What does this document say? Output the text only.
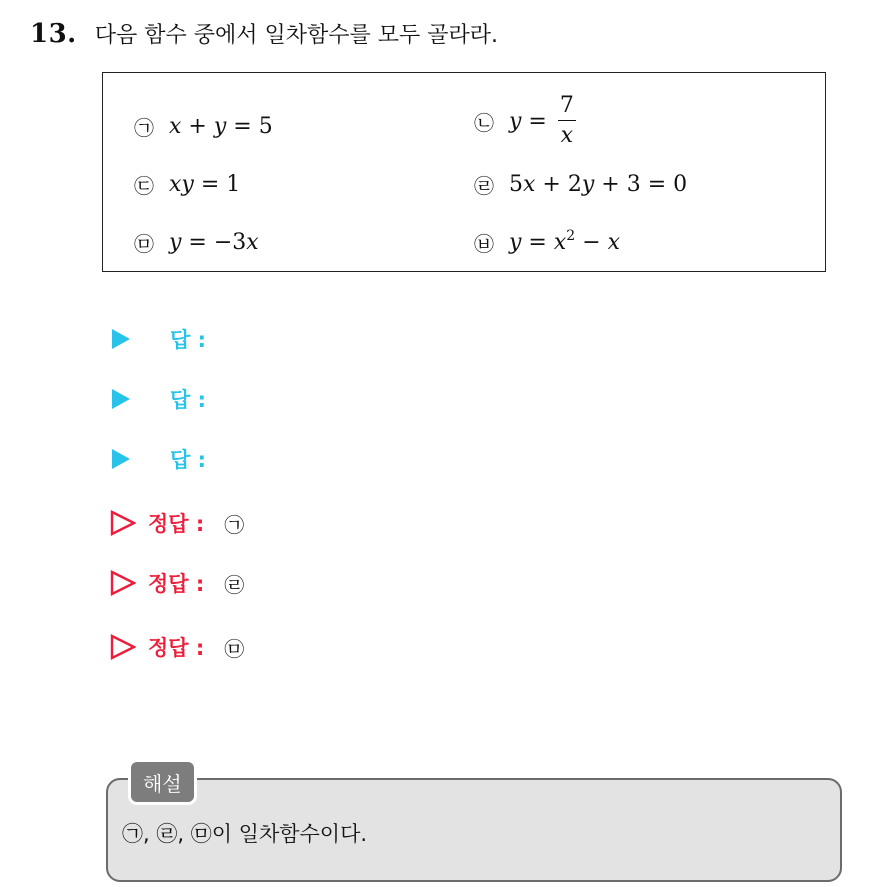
13. 다음 함수 중에서 일차함수를 모두 골라라.
㉠ x + y = 5	㉡ $y = \frac{7}{x}$
㉢ xy = 1	㉣ 5x + 2y + 3 = 0
㉤ y = −3x	㉥ $y = x^2 - x$
답 :
답 :
답 :
정답 : ㉠
정답 : ㉣
정답 : ㉤
해설
㉠, ㉣, ㉤이 일차함수이다.
